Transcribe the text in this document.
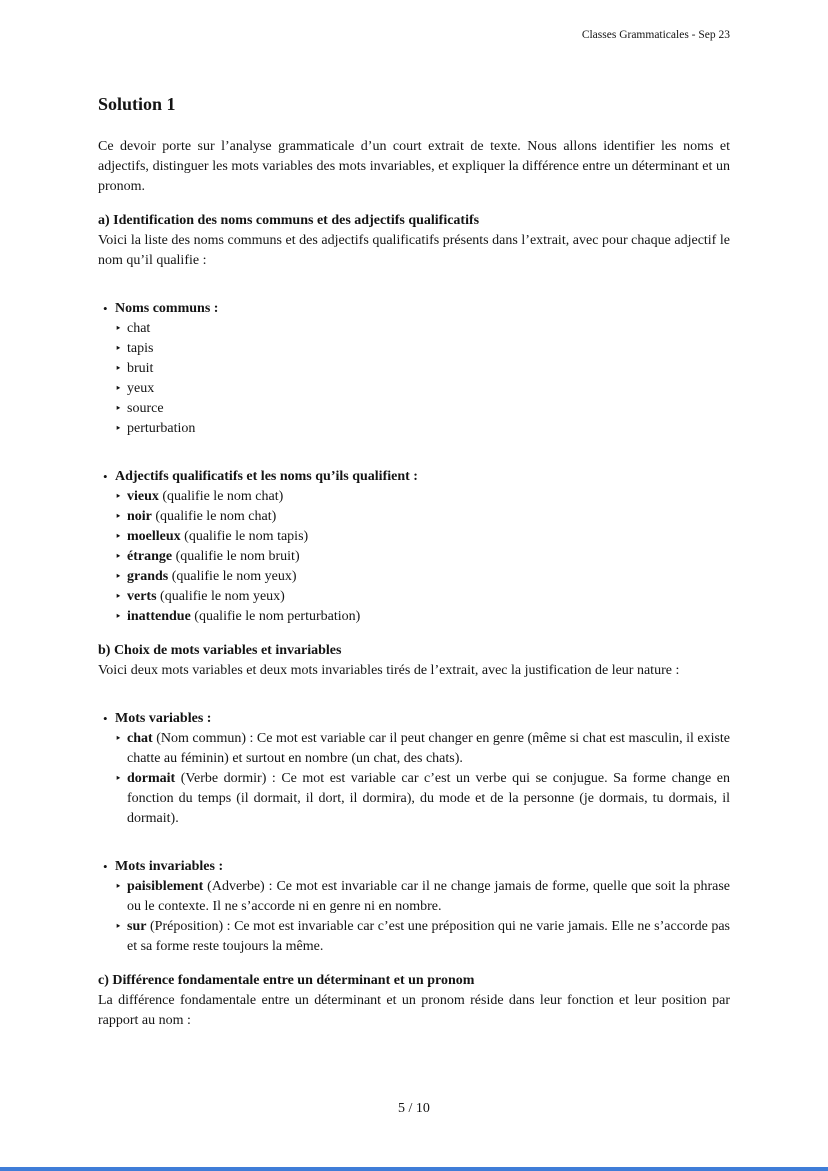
Classes Grammaticales - Sep 23
Solution 1

Ce devoir porte sur l’analyse grammaticale d’un court extrait de texte. Nous allons identifier les noms et adjectifs, distinguer les mots variables des mots invariables, et expliquer la différence entre un déterminant et un pronom.

a) Identification des noms communs et des adjectifs qualificatifs

Voici la liste des noms communs et des adjectifs qualificatifs présents dans l’extrait, avec pour chaque adjectif le nom qu’il qualifie :

• Noms communs :
‣ chat
‣ tapis
‣ bruit
‣ yeux
‣ source
‣ perturbation
• Adjectifs qualificatifs et les noms qu’ils qualifient :
‣ vieux (qualifie le nom chat)
‣ noir (qualifie le nom chat)
‣ moelleux (qualifie le nom tapis)
‣ étrange (qualifie le nom bruit)
‣ grands (qualifie le nom yeux)
‣ verts (qualifie le nom yeux)
‣ inattendue (qualifie le nom perturbation)
b) Choix de mots variables et invariables

Voici deux mots variables et deux mots invariables tirés de l’extrait, avec la justification de leur nature :

• Mots variables :
‣ chat (Nom commun) : Ce mot est variable car il peut changer en genre (même si chat est masculin, il existe chatte au féminin) et surtout en nombre (un chat, des chats).
‣ dormait (Verbe dormir) : Ce mot est variable car c’est un verbe qui se conjugue. Sa forme change en fonction du temps (il dormait, il dort, il dormira), du mode et de la personne (je dormais, tu dormais, il dormait).
• Mots invariables :
‣ paisiblement (Adverbe) : Ce mot est invariable car il ne change jamais de forme, quelle que soit la phrase ou le contexte. Il ne s’accorde ni en genre ni en nombre.
‣ sur (Préposition) : Ce mot est invariable car c’est une préposition qui ne varie jamais. Elle ne s’accorde pas et sa forme reste toujours la même.
c) Différence fondamentale entre un déterminant et un pronom

La différence fondamentale entre un déterminant et un pronom réside dans leur fonction et leur position par rapport au nom :

5 / 10
